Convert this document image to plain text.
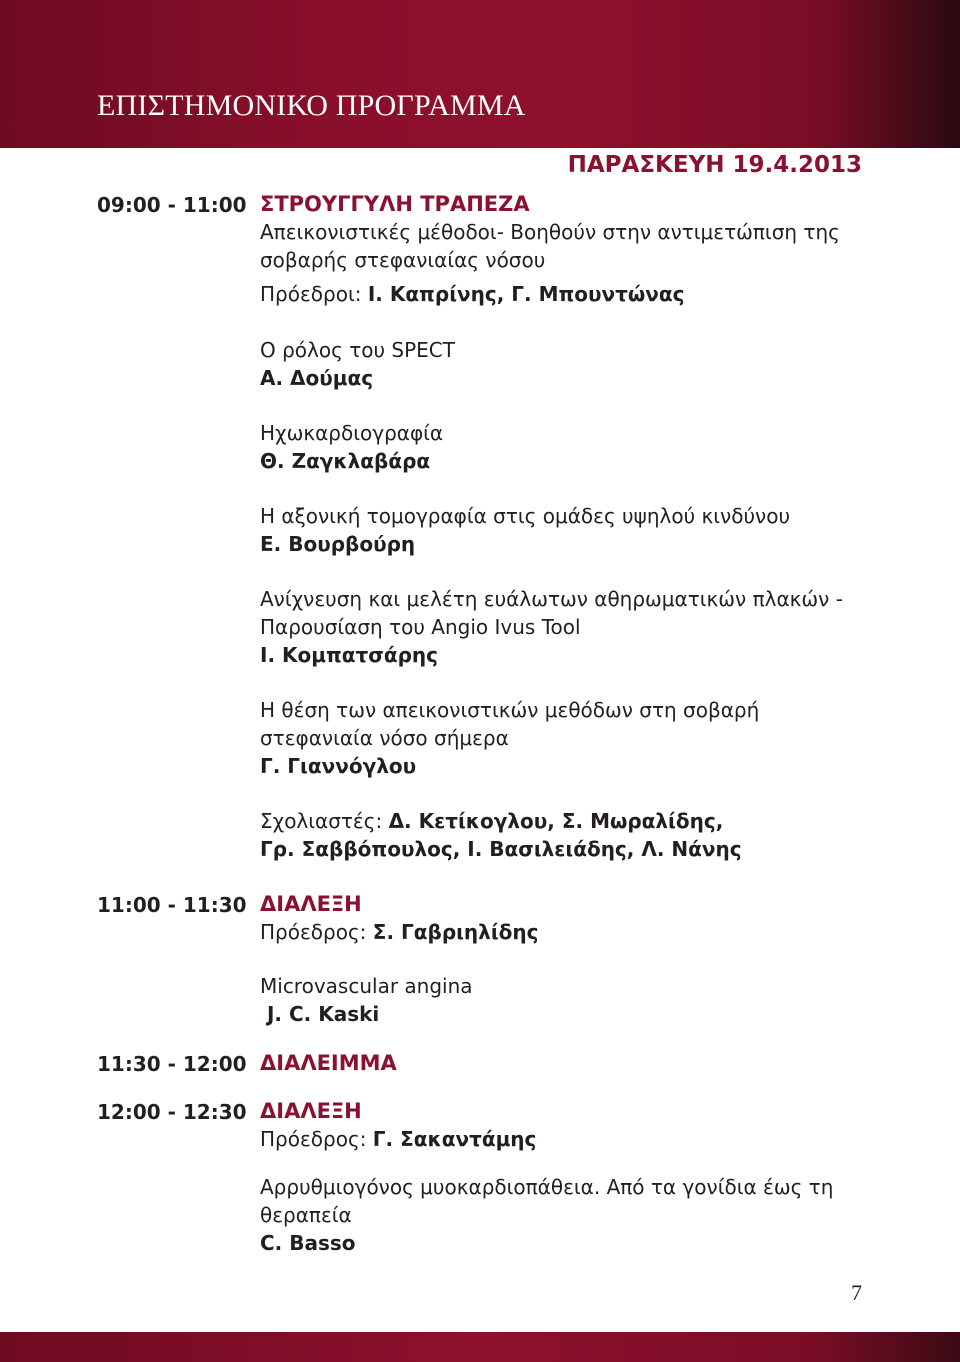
ΕΠΙΣΤΗΜΟΝΙΚΟ ΠΡΟΓΡΑΜΜΑ
ΠΑΡΑΣΚΕΥΗ 19.4.2013
09:00 - 11:00 ΣΤΡΟΥΓΓΥΛΗ ΤΡΑΠΕΖΑ
Απεικονιστικές μέθοδοι- Βοηθούν στην αντιμετώπιση της
σοβαρής στεφανιαίας νόσου
Πρόεδροι: Ι. Καπρίνης, Γ. Μπουντώνας
Ο ρόλος του SPECT
Α. Δούμας
Ηχωκαρδιογραφία
Θ. Ζαγκλαβάρα
Η αξονική τομογραφία στις ομάδες υψηλού κινδύνου
Ε. Βουρβούρη
Ανίχνευση και μελέτη ευάλωτων αθηρωματικών πλακών -
Παρουσίαση του Angio Ivus Tool
Ι. Κομπατσάρης
Η θέση των απεικονιστικών μεθόδων στη σοβαρή
στεφανιαία νόσο σήμερα
Γ. Γιαννόγλου
Σχολιαστές: Δ. Κετίκογλου, Σ. Μωραλίδης,
Γρ. Σαββόπουλος, Ι. Βασιλειάδης, Λ. Νάνης
11:00 - 11:30 ΔΙΑΛΕΞΗ
Πρόεδρος: Σ. Γαβριηλίδης
Microvascular angina
J. C. Kaski
11:30 - 12:00 ΔΙΑΛΕΙΜΜΑ
12:00 - 12:30 ΔΙΑΛΕΞΗ
Πρόεδρος: Γ. Σακαντάμης
Αρρυθμιογόνος μυοκαρδιοπάθεια. Από τα γονίδια έως τη
θεραπεία
C. Basso
7
